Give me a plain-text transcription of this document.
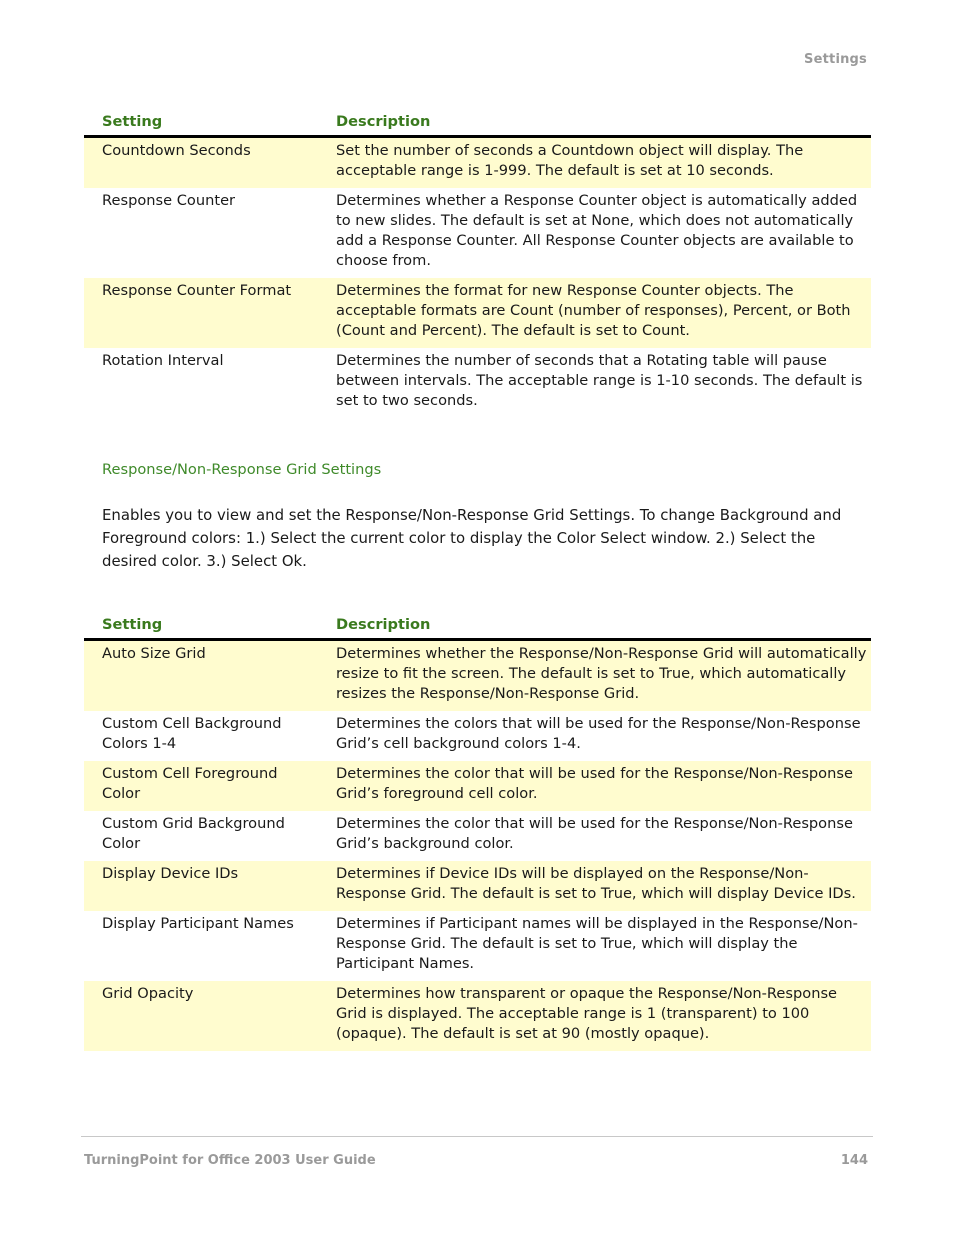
Settings
Setting	Description
Countdown Seconds	Set the number of seconds a Countdown object will display. The acceptable range is 1-999. The default is set at 10 seconds.
Response Counter	Determines whether a Response Counter object is automatically added to new slides. The default is set at None, which does not automatically add a Response Counter. All Response Counter objects are available to choose from.
Response Counter Format	Determines the format for new Response Counter objects. The acceptable formats are Count (number of responses), Percent, or Both (Count and Percent). The default is set to Count.
Rotation Interval	Determines the number of seconds that a Rotating table will pause between intervals. The acceptable range is 1-10 seconds. The default is set to two seconds.
Response/Non-Response Grid Settings
Enables you to view and set the Response/Non-Response Grid Settings. To change Background and Foreground colors: 1.) Select the current color to display the Color Select window. 2.) Select the desired color. 3.) Select Ok.
Setting	Description
Auto Size Grid	Determines whether the Response/Non-Response Grid will automatically resize to fit the screen. The default is set to True, which automatically resizes the Response/Non-Response Grid.
Custom Cell Background Colors 1-4	Determines the colors that will be used for the Response/Non-Response Grid’s cell background colors 1-4.
Custom Cell Foreground Color	Determines the color that will be used for the Response/Non-Response Grid’s foreground cell color.
Custom Grid Background Color	Determines the color that will be used for the Response/Non-Response Grid’s background color.
Display Device IDs	Determines if Device IDs will be displayed on the Response/Non-Response Grid. The default is set to True, which will display Device IDs.
Display Participant Names	Determines if Participant names will be displayed in the Response/Non-Response Grid. The default is set to True, which will display the Participant Names.
Grid Opacity	Determines how transparent or opaque the Response/Non-Response Grid is displayed. The acceptable range is 1 (transparent) to 100 (opaque). The default is set at 90 (mostly opaque).
TurningPoint for Office 2003 User Guide	144
